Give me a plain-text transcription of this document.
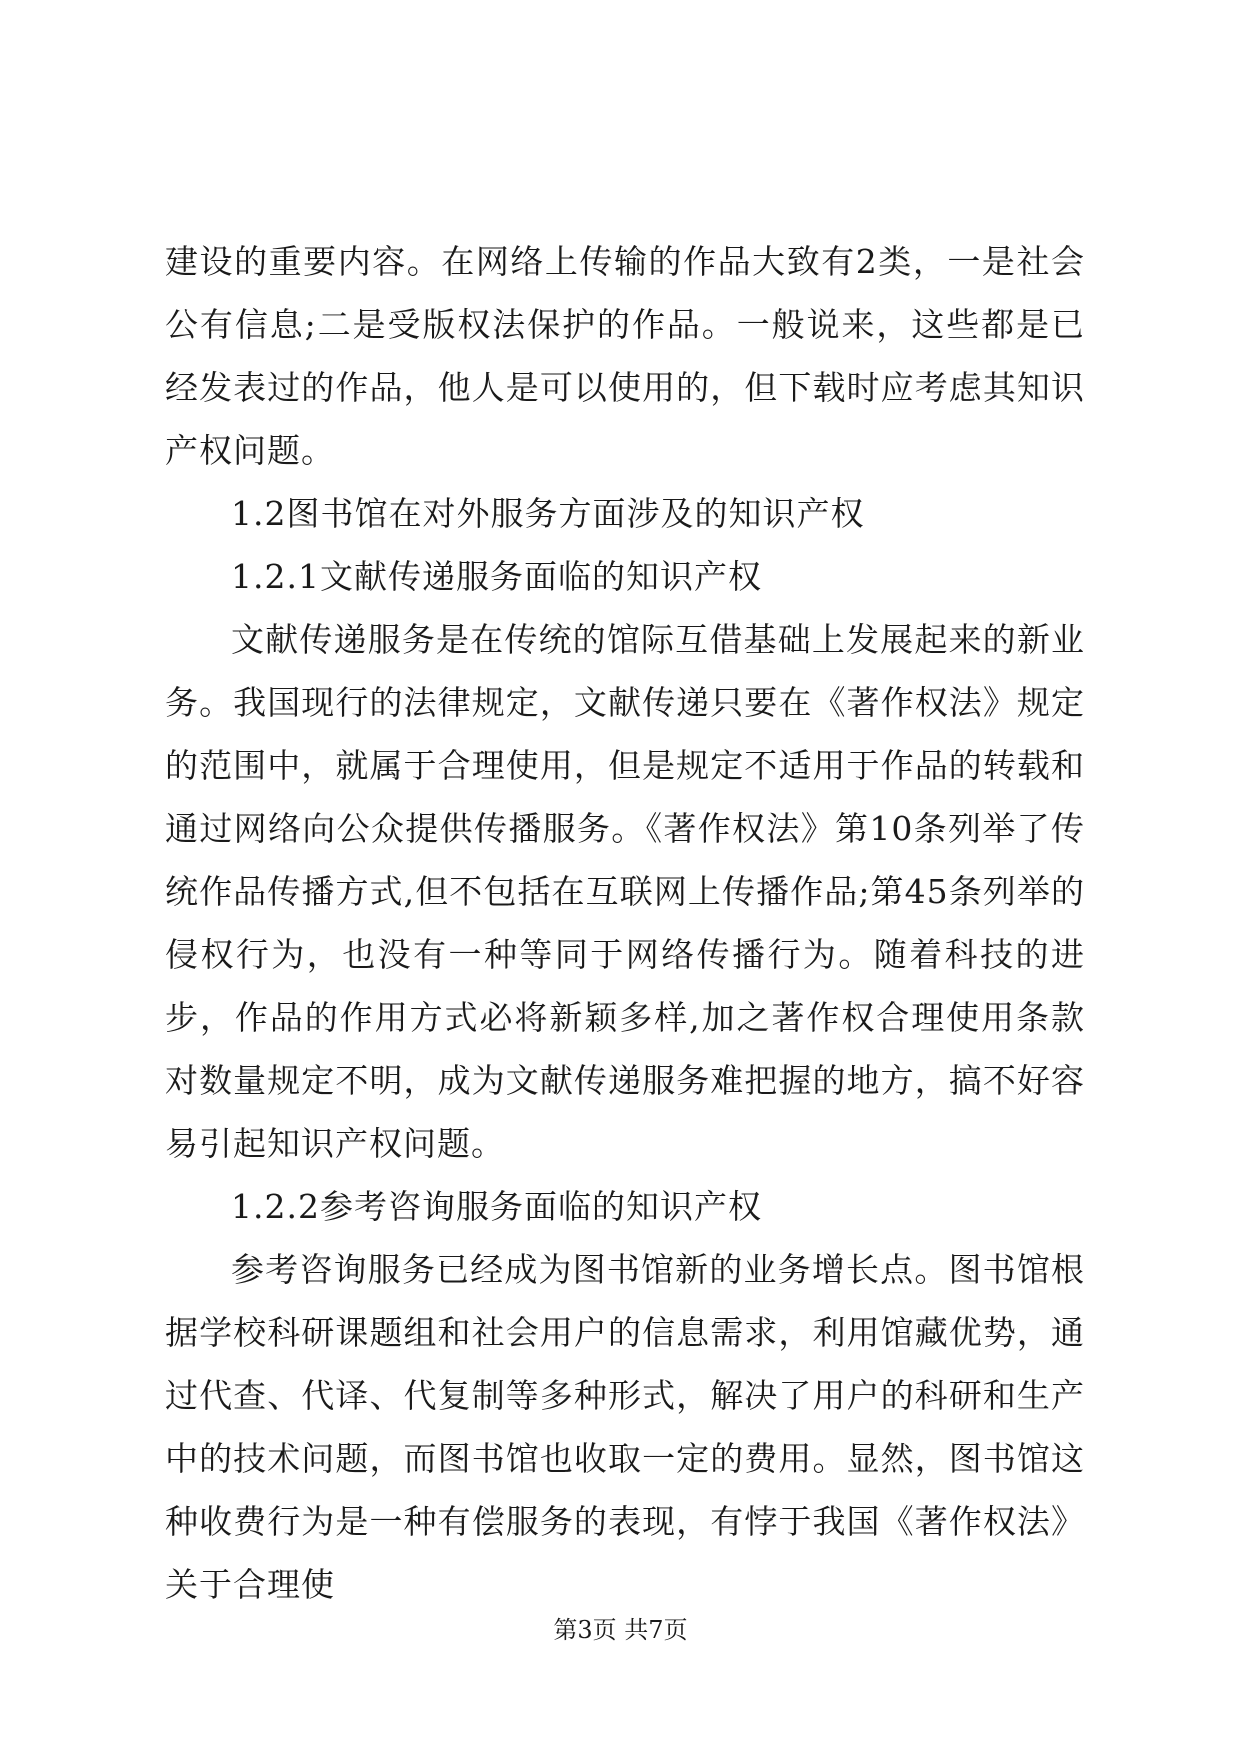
建设的重要内容。在网络上传输的作品大致有2类，一是社会公有信息;二是受版权法保护的作品。一般说来，这些都是已经发表过的作品，他人是可以使用的，但下载时应考虑其知识产权问题。

1.2图书馆在对外服务方面涉及的知识产权

1.2.1文献传递服务面临的知识产权

文献传递服务是在传统的馆际互借基础上发展起来的新业务。我国现行的法律规定，文献传递只要在《著作权法》规定的范围中，就属于合理使用，但是规定不适用于作品的转载和通过网络向公众提供传播服务。《著作权法》第10条列举了传统作品传播方式,但不包括在互联网上传播作品;第45条列举的侵权行为，也没有一种等同于网络传播行为。随着科技的进步，作品的作用方式必将新颖多样,加之著作权合理使用条款对数量规定不明，成为文献传递服务难把握的地方，搞不好容易引起知识产权问题。

1.2.2参考咨询服务面临的知识产权

参考咨询服务已经成为图书馆新的业务增长点。图书馆根据学校科研课题组和社会用户的信息需求，利用馆藏优势，通过代查、代译、代复制等多种形式，解决了用户的科研和生产中的技术问题，而图书馆也收取一定的费用。显然，图书馆这种收费行为是一种有偿服务的表现，有悖于我国《著作权法》关于合理使

第3页 共7页
